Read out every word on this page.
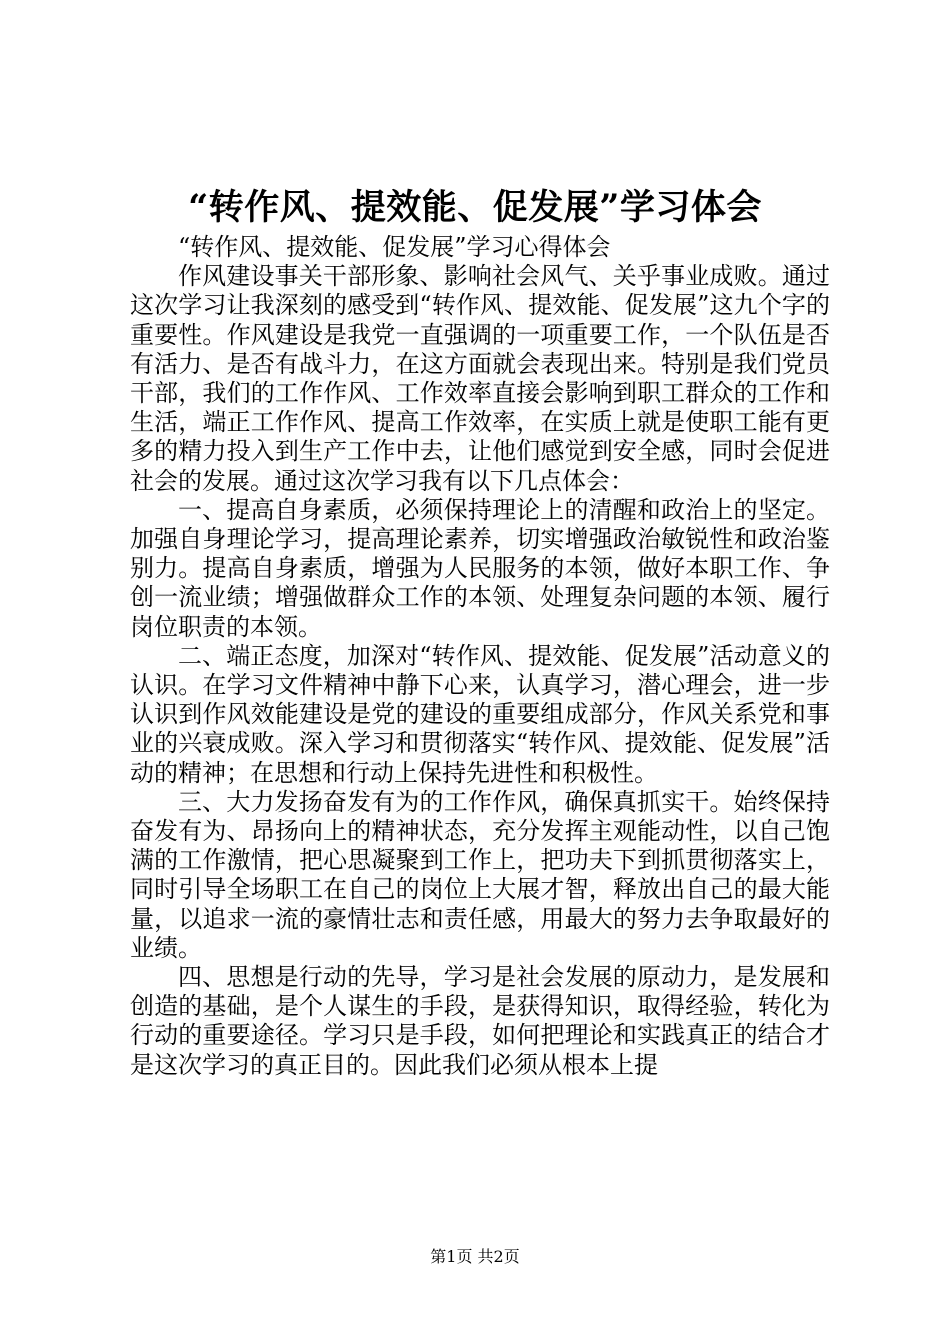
“转作风、提效能、促发展”学习体会

“转作风、提效能、促发展”学习心得体会

作风建设事关干部形象、影响社会风气、关乎事业成败。通过这次学习让我深刻的感受到“转作风、提效能、促发展”这九个字的重要性。作风建设是我党一直强调的一项重要工作，一个队伍是否有活力、是否有战斗力，在这方面就会表现出来。特别是我们党员干部，我们的工作作风、工作效率直接会影响到职工群众的工作和生活，端正工作作风、提高工作效率，在实质上就是使职工能有更多的精力投入到生产工作中去，让他们感觉到安全感，同时会促进社会的发展。通过这次学习我有以下几点体会：

一、提高自身素质，必须保持理论上的清醒和政治上的坚定。加强自身理论学习，提高理论素养，切实增强政治敏锐性和政治鉴别力。提高自身素质，增强为人民服务的本领，做好本职工作、争创一流业绩；增强做群众工作的本领、处理复杂问题的本领、履行岗位职责的本领。

二、端正态度，加深对“转作风、提效能、促发展”活动意义的认识。在学习文件精神中静下心来，认真学习，潜心理会，进一步认识到作风效能建设是党的建设的重要组成部分，作风关系党和事业的兴衰成败。深入学习和贯彻落实“转作风、提效能、促发展”活动的精神；在思想和行动上保持先进性和积极性。

三、大力发扬奋发有为的工作作风，确保真抓实干。始终保持奋发有为、昂扬向上的精神状态，充分发挥主观能动性，以自己饱满的工作激情，把心思凝聚到工作上，把功夫下到抓贯彻落实上，同时引导全场职工在自己的岗位上大展才智，释放出自己的最大能量，以追求一流的豪情壮志和责任感，用最大的努力去争取最好的业绩。

四、思想是行动的先导，学习是社会发展的原动力，是发展和创造的基础，是个人谋生的手段，是获得知识，取得经验，转化为行动的重要途径。学习只是手段，如何把理论和实践真正的结合才是这次学习的真正目的。因此我们必须从根本上提

第1页 共2页
